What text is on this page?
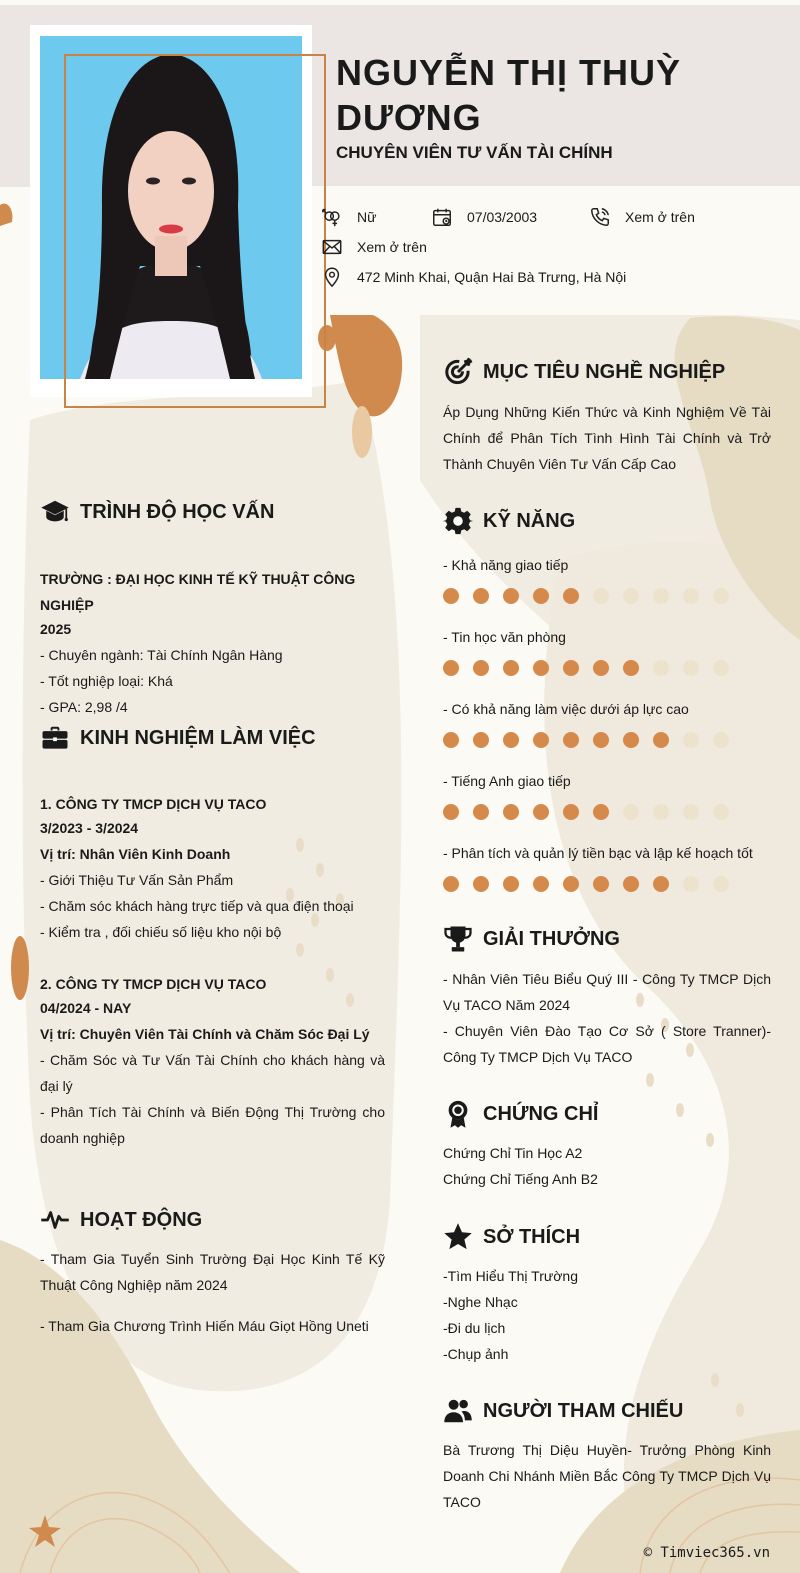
NGUYỄN THỊ THUỲ DƯƠNG
CHUYÊN VIÊN TƯ VẤN TÀI CHÍNH
Nữ	07/03/2003	Xem ở trên
Xem ở trên
472 Minh Khai, Quận Hai Bà Trưng, Hà Nội
TRÌNH ĐỘ HỌC VẤN

TRƯỜNG : ĐẠI HỌC KINH TẾ KỸ THUẬT CÔNG NGHIỆP

2025

- Chuyên ngành: Tài Chính Ngân Hàng

- Tốt nghiệp loại: Khá

- GPA: 2,98 /4

KINH NGHIỆM LÀM VIỆC

1. CÔNG TY TMCP DỊCH VỤ TACO

3/2023 - 3/2024

Vị trí: Nhân Viên Kinh Doanh

- Giới Thiệu Tư Vấn Sản Phẩm

- Chăm sóc khách hàng trực tiếp và qua điện thoại

- Kiểm tra , đối chiếu số liệu kho nội bộ

2. CÔNG TY TMCP DỊCH VỤ TACO

04/2024 - NAY

Vị trí: Chuyên Viên Tài Chính và Chăm Sóc Đại Lý

- Chăm Sóc và Tư Vấn Tài Chính cho khách hàng và đại lý

- Phân Tích Tài Chính và Biến Động Thị Trường cho doanh nghiệp

HOẠT ĐỘNG

- Tham Gia Tuyển Sinh Trường Đại Học Kinh Tế Kỹ Thuật Công Nghiệp năm 2024

- Tham Gia Chương Trình Hiến Máu Giọt Hồng Uneti

MỤC TIÊU NGHỀ NGHIỆP
Áp Dụng Những Kiến Thức và Kinh Nghiệm Về Tài Chính để Phân Tích Tình Hình Tài Chính và Trở Thành Chuyên Viên Tư Vấn Cấp Cao
KỸ NĂNG
- Khả năng giao tiếp
- Tin học văn phòng
- Có khả năng làm việc dưới áp lực cao
- Tiếng Anh giao tiếp
- Phân tích và quản lý tiền bạc và lập kế hoạch tốt
GIẢI THƯỞNG

- Nhân Viên Tiêu Biểu Quý III - Công Ty TMCP Dịch Vụ TACO Năm 2024

- Chuyên Viên Đào Tạo Cơ Sở ( Store Tranner)- Công Ty TMCP Dịch Vụ TACO

CHỨNG CHỈ

Chứng Chỉ Tin Học A2

Chứng Chỉ Tiếng Anh B2

SỞ THÍCH

-Tìm Hiểu Thị Trường

-Nghe Nhạc

-Đi du lịch

-Chụp ảnh

NGƯỜI THAM CHIẾU
Bà Trương Thị Diệu Huyền- Trưởng Phòng Kinh Doanh Chi Nhánh Miền Bắc Công Ty TMCP Dịch Vụ TACO
© Timviec365.vn
